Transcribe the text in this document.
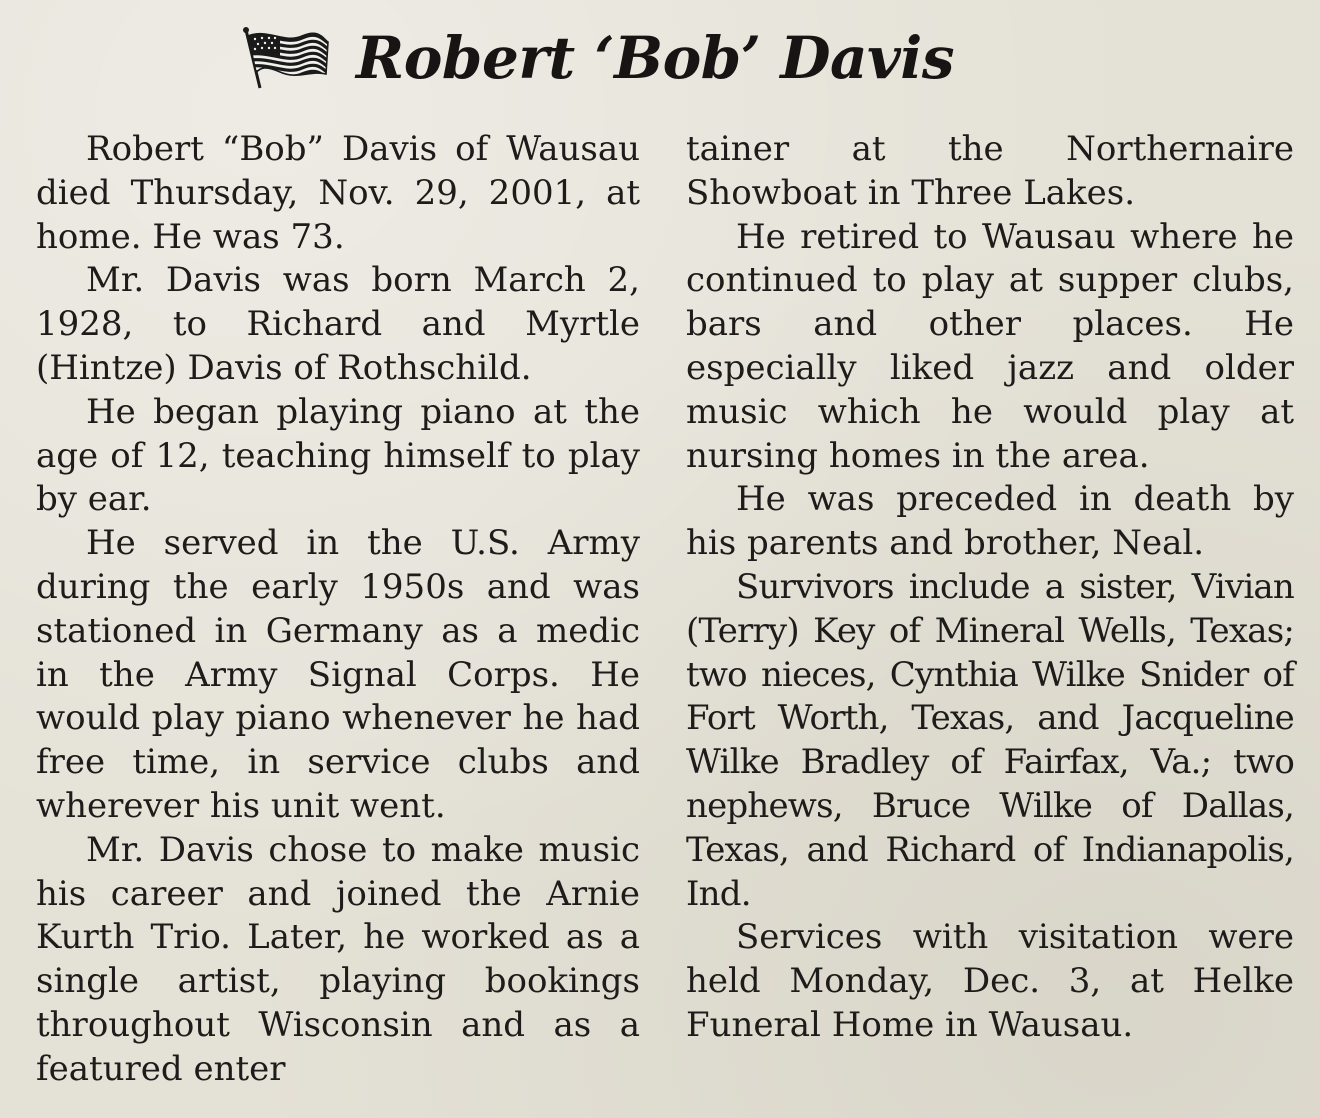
Robert ‘Bob’ Davis

Robert “Bob” Davis of Wausau died Thursday, Nov. 29, 2001, at home. He was 73.

Mr. Davis was born March 2, 1928, to Richard and Myrtle (Hintze) Davis of Rothschild.

He began playing piano at the age of 12, teaching himself to play by ear.

He served in the U.S. Army during the early 1950s and was stationed in Germany as a medic in the Army Signal Corps. He would play piano whenever he had free time, in service clubs and wherever his unit went.

Mr. Davis chose to make music his career and joined the Arnie Kurth Trio. Later, he worked as a single artist, playing bookings throughout Wisconsin and as a featured enter

tainer at the Northernaire Showboat in Three Lakes.

He retired to Wausau where he continued to play at supper clubs, bars and other places. He especially liked jazz and older music which he would play at nursing homes in the area.

He was preceded in death by his parents and brother, Neal.

Survivors include a sister, Vivian (Terry) Key of Mineral Wells, Texas; two nieces, Cynthia Wilke Snider of Fort Worth, Texas, and Jacqueline Wilke Bradley of Fairfax, Va.; two nephews, Bruce Wilke of Dallas, Texas, and Richard of Indianapolis, Ind.

Services with visitation were held Monday, Dec. 3, at Helke Funeral Home in Wausau.
